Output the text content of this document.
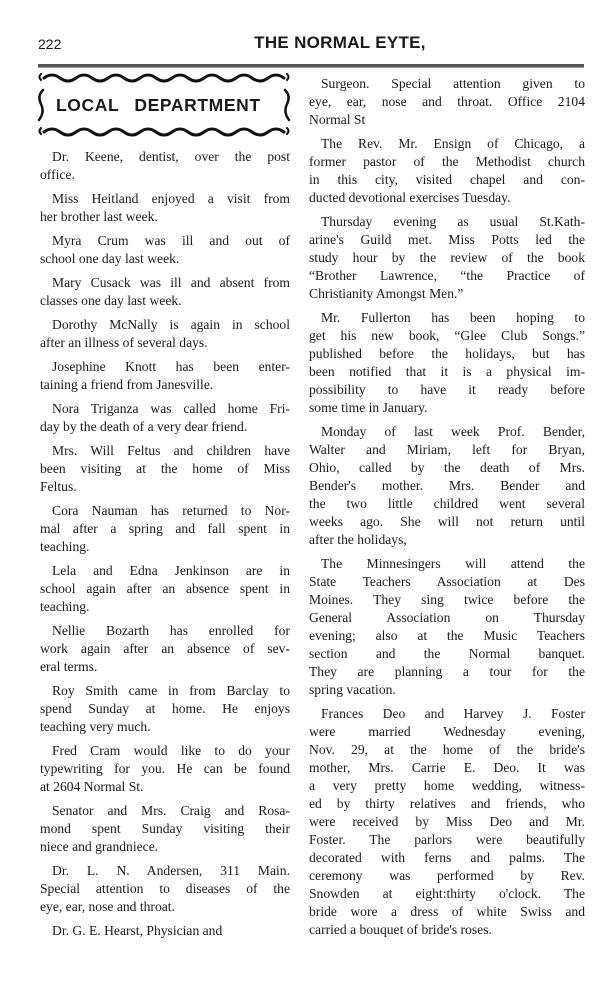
222	THE NORMAL EYTE,
LOCAL DEPARTMENT
Dr. Keene, dentist, over the post
office.
Miss Heitland enjoyed a visit from
her brother last week.
Myra Crum was ill and out of
school one day last week.
Mary Cusack was ill and absent from
classes one day last week.
Dorothy McNally is again in school
after an illness of several days.
Josephine Knott has been enter-
taining a friend from Janesville.
Nora Triganza was called home Fri-
day by the death of a very dear friend.
Mrs. Will Feltus and children have
been visiting at the home of Miss
Feltus.
Cora Nauman has returned to Nor-
mal after a spring and fall spent in
teaching.
Lela and Edna Jenkinson are in
school again after an absence spent in
teaching.
Nellie Bozarth has enrolled for
work again after an absence of sev-
eral terms.
Roy Smith came in from Barclay to
spend Sunday at home. He enjoys
teaching very much.
Fred Cram would like to do your
typewriting for you. He can be found
at 2604 Normal St.
Senator and Mrs. Craig and Rosa-
mond spent Sunday visiting their
niece and grandniece.
Dr. L. N. Andersen, 311 Main.
Special attention to diseases of the
eye, ear, nose and throat.
Dr. G. E. Hearst, Physician and
Surgeon. Special attention given to
eye, ear, nose and throat. Office 2104
Normal St
The Rev. Mr. Ensign of Chicago, a
former pastor of the Methodist church
in this city, visited chapel and con-
ducted devotional exercises Tuesday.
Thursday evening as usual St.Kath-
arine's Guild met. Miss Potts led the
study hour by the review of the book
“Brother Lawrence, “the Practice of
Christianity Amongst Men.”
Mr. Fullerton has been hoping to
get his new book, “Glee Club Songs.”
published before the holidays, but has
been notified that it is a physical im-
possibility to have it ready before
some time in January.
Monday of last week Prof. Bender,
Walter and Miriam, left for Bryan,
Ohio, called by the death of Mrs.
Bender's mother. Mrs. Bender and
the two little childred went several
weeks ago. She will not return until
after the holidays,
The Minnesingers will attend the
State Teachers Association at Des
Moines. They sing twice before the
General Association on Thursday
evening; also at the Music Teachers
section and the Normal banquet.
They are planning a tour for the
spring vacation.
Frances Deo and Harvey J. Foster
were married Wednesday evening,
Nov. 29, at the home of the bride's
mother, Mrs. Carrie E. Deo. It was
a very pretty home wedding, witness-
ed by thirty relatives and friends, who
were received by Miss Deo and Mr.
Foster. The parlors were beautifully
decorated with ferns and palms. The
ceremony was performed by Rev.
Snowden at eight:thirty o'clock. The
bride wore a dress of white Swiss and
carried a bouquet of bride's roses.
